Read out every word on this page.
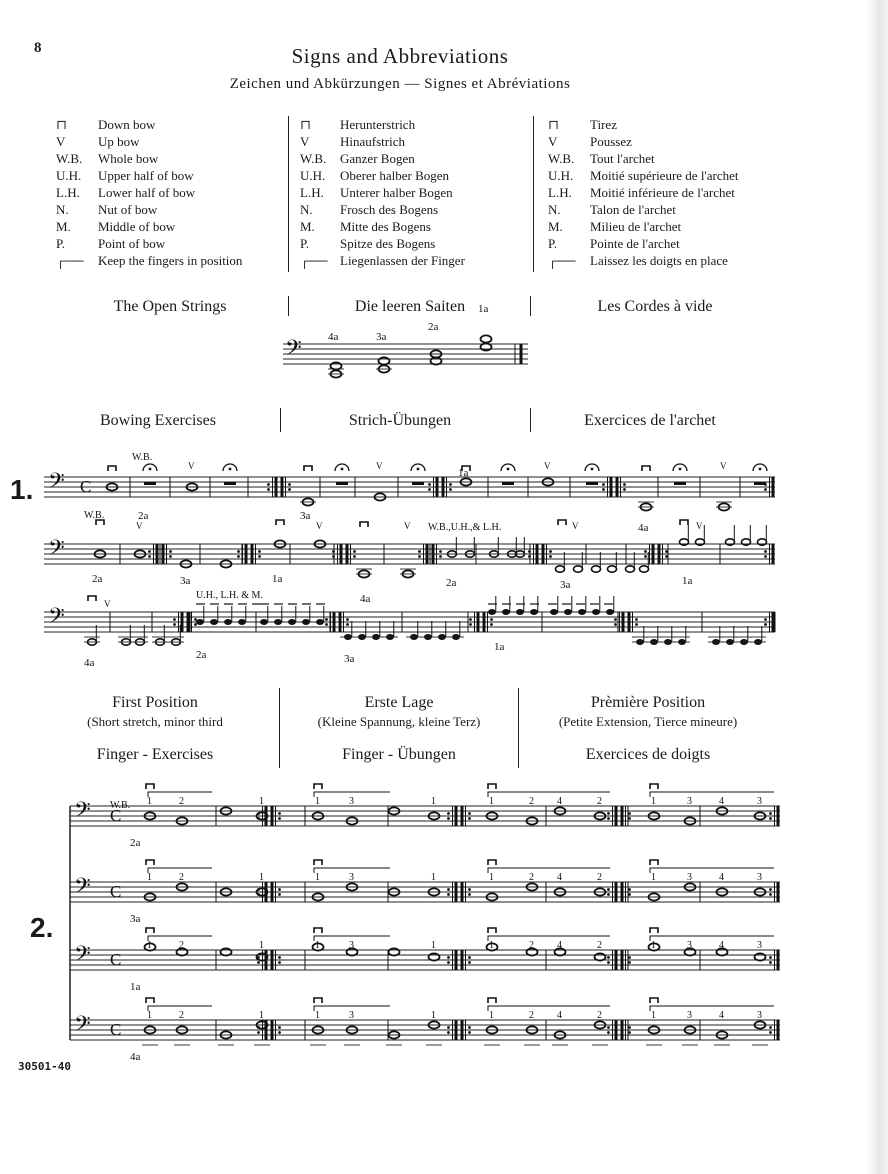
8	Signs and Abbreviations
Zeichen und Abkürzungen — Signes et Abréviations
⊓	Down bow
V	Up bow
W.B.	Whole bow
U.H.	Upper half of bow
L.H.	Lower half of bow
N.	Nut of bow
M.	Middle of bow
P.	Point of bow
┌──	Keep the fingers in position
⊓	Herunterstrich
V	Hinaufstrich
W.B.	Ganzer Bogen
U.H.	Oberer halber Bogen
L.H.	Unterer halber Bogen
N.	Frosch des Bogens
M.	Mitte des Bogens
P.	Spitze des Bogens
┌── Liegenlassen der Finger
⊓	Tirez
V	Poussez
W.B.	Tout l'archet
U.H.	Moitié supérieure de l'archet
L.H.	Moitié inférieure de l'archet
N.	Talon de l'archet
M.	Milieu de l'archet
P.	Pointe de l'archet
┌──	Laissez les doigts en place
The Open Strings	Die leeren Saiten	Les Cordes à vide
Bowing Exercises	Strich-Übungen	Exercices de l'archet
1.
First Position
(Short stretch, minor third
Finger - Exercises
Erste Lage
(Kleine Spannung, kleine Terz)
Finger - Übungen
Prèmière Position
(Petite Extension, Tierce mineure)
Exercices de doigts
2.
30501-40
𝄢 4a	3a
2a
1a
𝄢 C
W.B.
V	V	V	V
2a	3a
1a
4a
W.B.
𝄢
V	V	V W.B.,U.H.,& L.H.	V	V
2a	3a	1a
4a
2a	3a	1a
𝄢	V
U.H., L.H. & M.
4a
2a	3a
1a
𝄢 C
1	2	1	1	3	1	1	2 4	2	1	3	4	3
2a
𝄢 C
1	2	1	1	3	1	1	2 4	2	1	3	4	3
3a
𝄢 C
1	2	1	1	3	1	1	2 4	2	1	3	4	3
1a
𝄢 C
1	2	1	1	3	1	1	2 4	2	1	3	4	3
4a
W.B.
